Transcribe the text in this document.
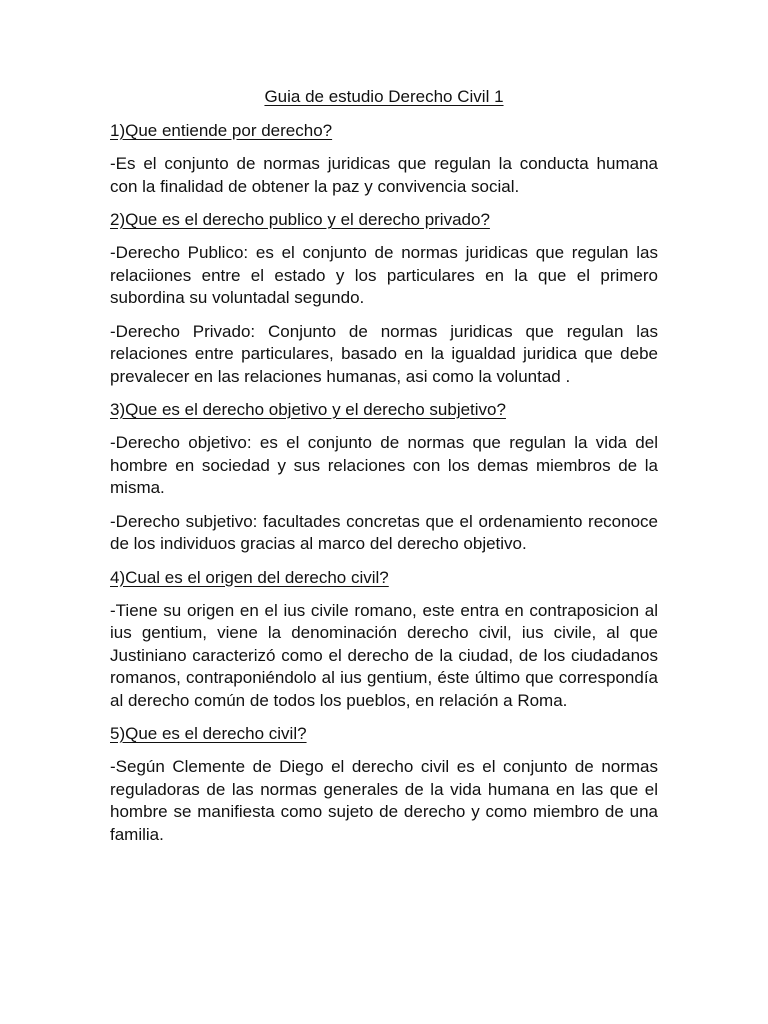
Guia de estudio Derecho Civil 1
1)Que entiende por derecho?

-Es el conjunto de normas juridicas que regulan la conducta humana con la finalidad de obtener la paz y convivencia social.

2)Que es el derecho publico y el derecho privado?

-Derecho Publico: es el conjunto de normas juridicas que regulan las relaciiones entre el estado y los particulares en la que el primero subordina su voluntadal segundo.

-Derecho Privado: Conjunto de normas juridicas que regulan las relaciones entre particulares, basado en la igualdad juridica que debe prevalecer en las relaciones humanas, asi como la voluntad .

3)Que es el derecho objetivo y el derecho subjetivo?

-Derecho objetivo: es el conjunto de normas que regulan la vida del hombre en sociedad y sus relaciones con los demas miembros de la misma.

-Derecho subjetivo: facultades concretas que el ordenamiento reconoce de los individuos gracias al marco del derecho objetivo.

4)Cual es el origen del derecho civil?

-Tiene su origen en el ius civile romano, este entra en contraposicion al ius gentium, viene la denominación derecho civil, ius civile, al que Justiniano caracterizó como el derecho de la ciudad, de los ciudadanos romanos, contraponiéndolo al ius gentium, éste último que correspondía al derecho común de todos los pueblos, en relación a Roma.

5)Que es el derecho civil?

-Según Clemente de Diego el derecho civil es el conjunto de normas reguladoras de las normas generales de la vida humana en las que el hombre se manifiesta como sujeto de derecho y como miembro de una familia.
